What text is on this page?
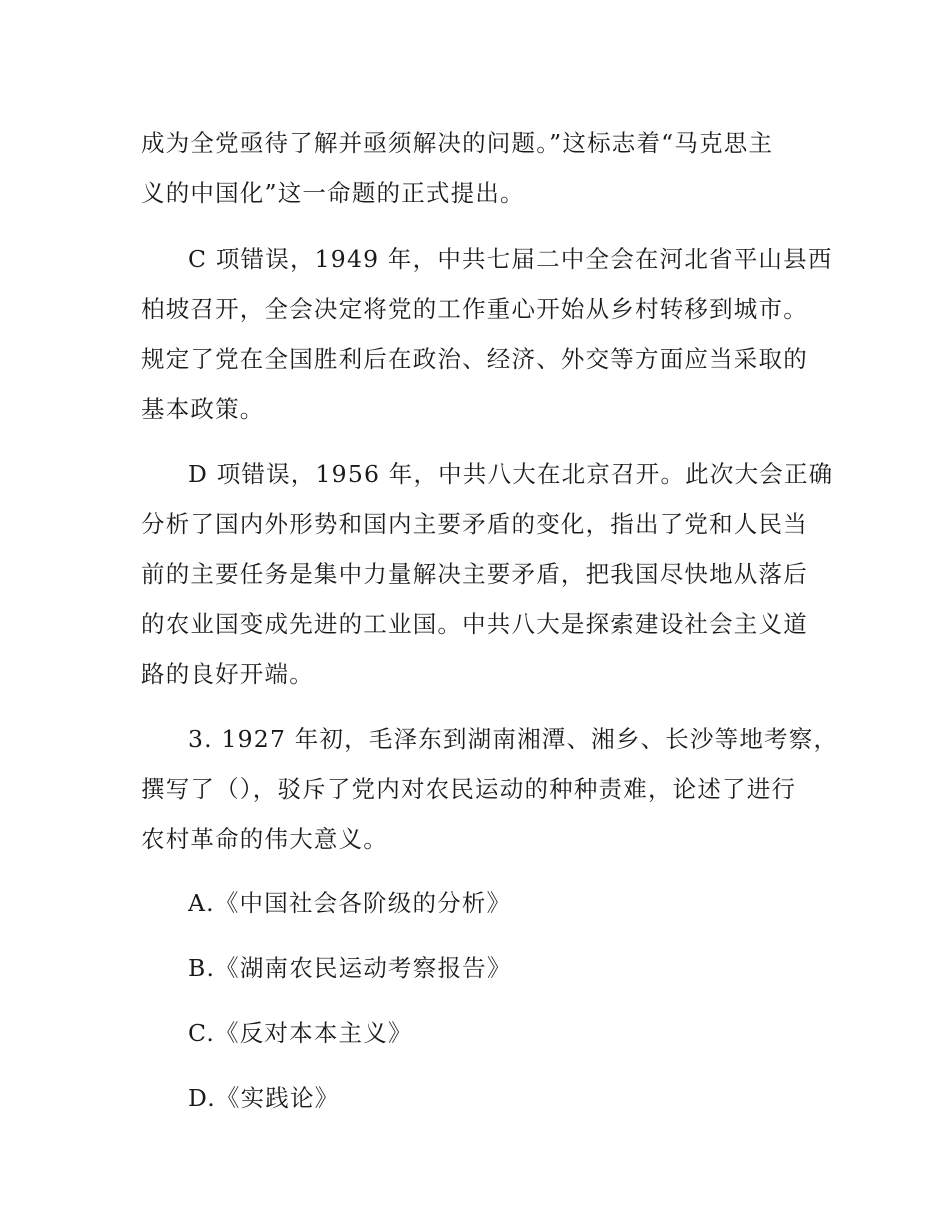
成为全党亟待了解并亟须解决的问题。”这标志着“马克思主
义的中国化”这一命题的正式提出。
C 项错误，1949 年，中共七届二中全会在河北省平山县西
柏坡召开，全会决定将党的工作重心开始从乡村转移到城市。
规定了党在全国胜利后在政治、经济、外交等方面应当采取的
基本政策。
D 项错误，1956 年，中共八大在北京召开。此次大会正确
分析了国内外形势和国内主要矛盾的变化，指出了党和人民当
前的主要任务是集中力量解决主要矛盾，把我国尽快地从落后
的农业国变成先进的工业国。中共八大是探索建设社会主义道
路的良好开端。
3. 1927 年初，毛泽东到湖南湘潭、湘乡、长沙等地考察，
撰写了（），驳斥了党内对农民运动的种种责难，论述了进行
农村革命的伟大意义。
A.《中国社会各阶级的分析》
B.《湖南农民运动考察报告》
C.《反对本本主义》
D.《实践论》
